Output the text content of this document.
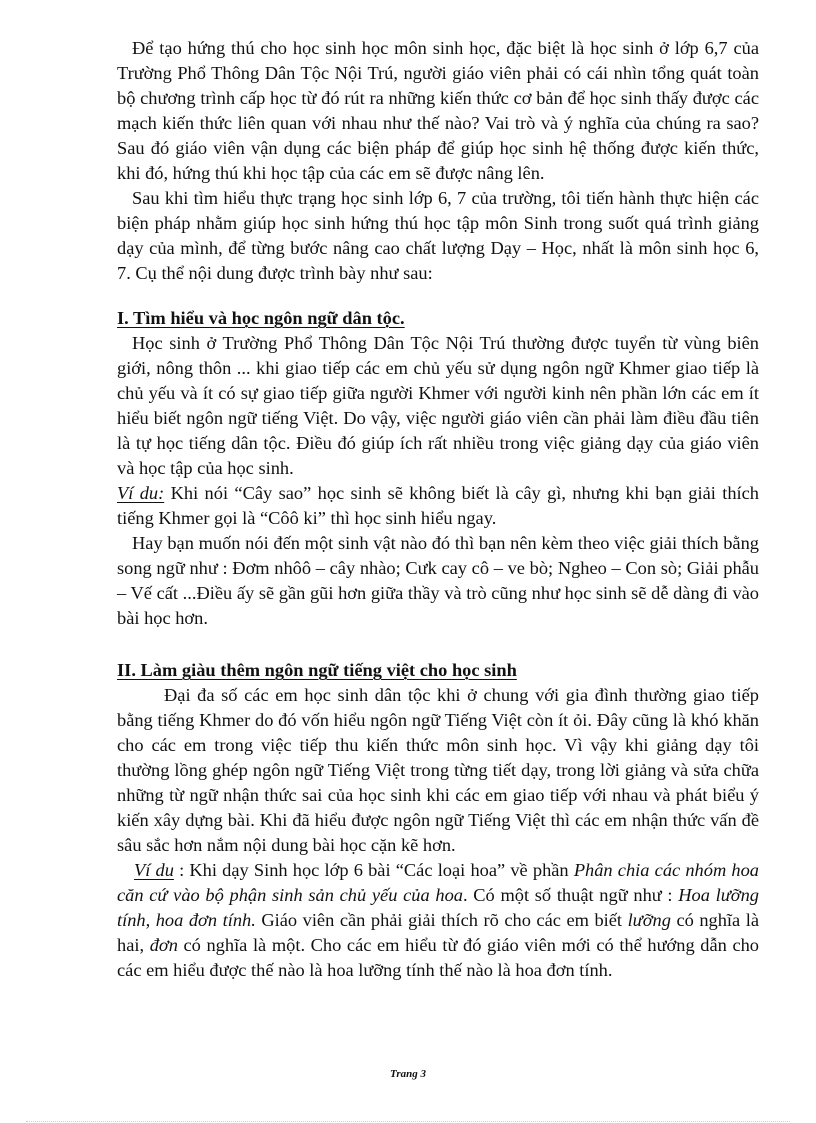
Để tạo hứng thú cho học sinh học môn sinh học, đặc biệt là học sinh ở lớp 6,7 của Trường Phổ Thông Dân Tộc Nội Trú, người giáo viên phải có cái nhìn tổng quát toàn bộ chương trình cấp học từ đó rút ra những kiến thức cơ bản để học sinh thấy được các mạch kiến thức liên quan với nhau như thế nào? Vai trò và ý nghĩa của chúng ra sao? Sau đó giáo viên vận dụng các biện pháp để giúp học sinh hệ thống được kiến thức, khi đó, hứng thú khi học tập của các em sẽ được nâng lên.

Sau khi tìm hiểu thực trạng học sinh lớp 6, 7 của trường, tôi tiến hành thực hiện các biện pháp nhằm giúp học sinh hứng thú học tập môn Sinh trong suốt quá trình giảng dạy của mình, để từng bước nâng cao chất lượng Dạy – Học, nhất là môn sinh học 6, 7. Cụ thể nội dung được trình bày như sau:

I. Tìm hiểu và học ngôn ngữ dân tộc.

Học sinh ở Trường Phổ Thông Dân Tộc Nội Trú thường được tuyển từ vùng biên giới, nông thôn ... khi giao tiếp các em chủ yếu sử dụng ngôn ngữ Khmer giao tiếp là chủ yếu và ít có sự giao tiếp giữa người Khmer với người kinh nên phần lớn các em ít hiểu biết ngôn ngữ tiếng Việt. Do vậy, việc người giáo viên cần phải làm điều đầu tiên là tự học tiếng dân tộc. Điều đó giúp ích rất nhiều trong việc giảng dạy của giáo viên và học tập của học sinh.

Ví du: Khi nói “Cây sao” học sinh sẽ không biết là cây gì, nhưng khi bạn giải thích tiếng Khmer gọi là “Côô ki” thì học sinh hiểu ngay.

Hay bạn muốn nói đến một sinh vật nào đó thì bạn nên kèm theo việc giải thích bằng song ngữ như : Đơm nhôô – cây nhào; Cưk cay cô – ve bò; Ngheo – Con sò; Giải phẫu – Vế cất ...Điều ấy sẽ gần gũi hơn giữa thầy và trò cũng như học sinh sẽ dễ dàng đi vào bài học hơn.

II. Làm giàu thêm ngôn ngữ tiếng việt cho học sinh

Đại đa số các em học sinh dân tộc khi ở chung với gia đình thường giao tiếp bằng tiếng Khmer do đó vốn hiểu ngôn ngữ Tiếng Việt còn ít ỏi. Đây cũng là khó khăn cho các em trong việc tiếp thu kiến thức môn sinh học. Vì vậy khi giảng dạy tôi thường lồng ghép ngôn ngữ Tiếng Việt trong từng tiết dạy, trong lời giảng và sửa chữa những từ ngữ nhận thức sai của học sinh khi các em giao tiếp với nhau và phát biểu ý kiến xây dựng bài. Khi đã hiểu được ngôn ngữ Tiếng Việt thì các em nhận thức vấn đề sâu sắc hơn nắm nội dung bài học cặn kẽ hơn.

Ví du : Khi dạy Sinh học lớp 6 bài “Các loại hoa” về phần Phân chia các nhóm hoa căn cứ vào bộ phận sinh sản chủ yếu của hoa. Có một số thuật ngữ như : Hoa lưỡng tính, hoa đơn tính. Giáo viên cần phải giải thích rõ cho các em biết lưỡng có nghĩa là hai, đơn có nghĩa là một. Cho các em hiểu từ đó giáo viên mới có thể hướng dẫn cho các em hiểu được thế nào là hoa lưỡng tính thế nào là hoa đơn tính.

Trang 3
